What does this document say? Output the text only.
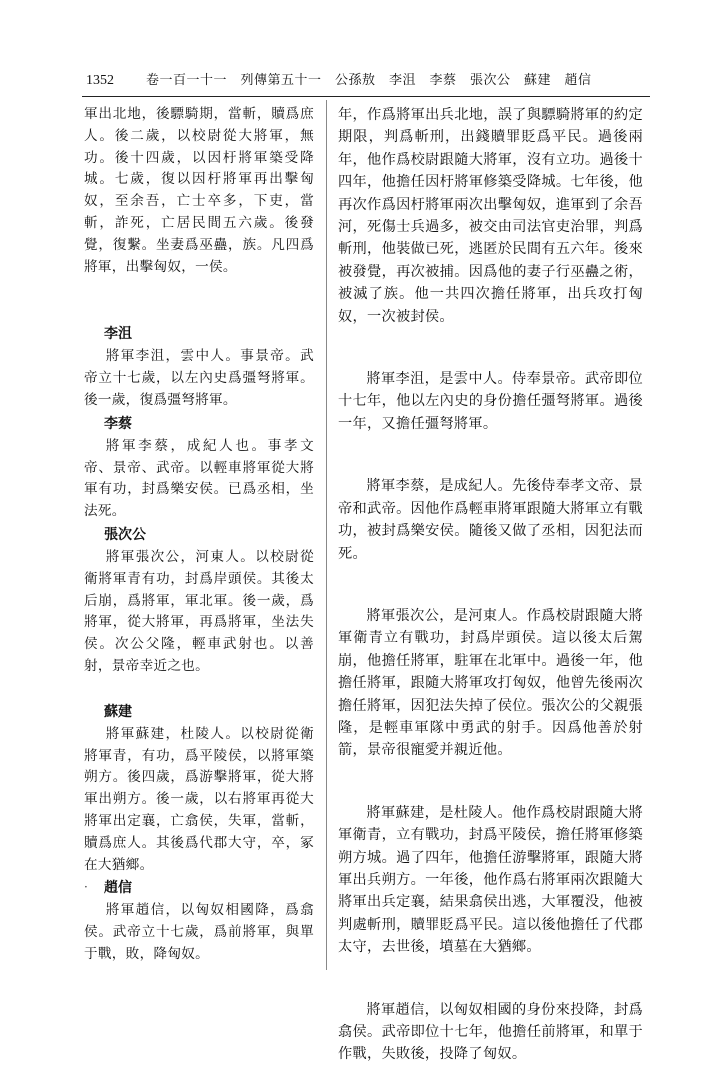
1352 卷一百一十一　列傳第五十一　公孫敖　李沮　李蔡　張次公　蘇建　趙信

軍出北地，後驃騎期，當斬，贖爲庶人。後二歲，以校尉從大將軍，無功。後十四歲，以因杅將軍築受降城。七歲，復以因杅將軍再出擊匈奴，至余吾，亡士卒多，下吏，當斬，詐死，亡居民間五六歲。後發覺，復繫。坐妻爲巫蠱，族。凡四爲將軍，出擊匈奴，一侯。

李沮

將軍李沮，雲中人。事景帝。武帝立十七歲，以左內史爲彊弩將軍。後一歲，復爲彊弩將軍。

李蔡

將軍李蔡，成紀人也。事孝文帝、景帝、武帝。以輕車將軍從大將軍有功，封爲樂安侯。已爲丞相，坐法死。

張次公

將軍張次公，河東人。以校尉從衛將軍青有功，封爲岸頭侯。其後太后崩，爲將軍，軍北軍。後一歲，爲將軍，從大將軍，再爲將軍，坐法失侯。次公父隆，輕車武射也。以善射，景帝幸近之也。

蘇建

將軍蘇建，杜陵人。以校尉從衛將軍青，有功，爲平陵侯，以將軍築朔方。後四歲，爲游擊將軍，從大將軍出朔方。後一歲，以右將軍再從大將軍出定襄，亡翕侯，失軍，當斬，贖爲庶人。其後爲代郡大守，卒，冢在大猶鄉。

趙信

將軍趙信，以匈奴相國降，爲翕侯。武帝立十七歲，爲前將軍，與單于戰，敗，降匈奴。

·

年，作爲將軍出兵北地，誤了與驃騎將軍的約定期限，判爲斬刑，出錢贖罪貶爲平民。過後兩年，他作爲校尉跟隨大將軍，沒有立功。過後十四年，他擔任因杅將軍修築受降城。七年後，他再次作爲因杅將軍兩次出擊匈奴，進軍到了余吾河，死傷士兵過多，被交由司法官吏治罪，判爲斬刑，他裝做已死，逃匿於民間有五六年。後來被發覺，再次被捕。因爲他的妻子行巫蠱之術，被滅了族。他一共四次擔任將軍，出兵攻打匈奴，一次被封侯。

將軍李沮，是雲中人。侍奉景帝。武帝即位十七年，他以左內史的身份擔任彊弩將軍。過後一年，又擔任彊弩將軍。

將軍李蔡，是成紀人。先後侍奉孝文帝、景帝和武帝。因他作爲輕車將軍跟隨大將軍立有戰功，被封爲樂安侯。隨後又做了丞相，因犯法而死。

將軍張次公，是河東人。作爲校尉跟隨大將軍衛青立有戰功，封爲岸頭侯。這以後太后駕崩，他擔任將軍，駐軍在北軍中。過後一年，他擔任將軍，跟隨大將軍攻打匈奴，他曾先後兩次擔任將軍，因犯法失掉了侯位。張次公的父親張隆，是輕車軍隊中勇武的射手。因爲他善於射箭，景帝很寵愛并親近他。

將軍蘇建，是杜陵人。他作爲校尉跟隨大將軍衛青，立有戰功，封爲平陵侯，擔任將軍修築朔方城。過了四年，他擔任游擊將軍，跟隨大將軍出兵朔方。一年後，他作爲右將軍兩次跟隨大將軍出兵定襄，結果翕侯出逃，大軍覆没，他被判處斬刑，贖罪貶爲平民。這以後他擔任了代郡太守，去世後，墳墓在大猶鄉。

將軍趙信，以匈奴相國的身份來投降，封爲翕侯。武帝即位十七年，他擔任前將軍，和單于作戰，失敗後，投降了匈奴。
